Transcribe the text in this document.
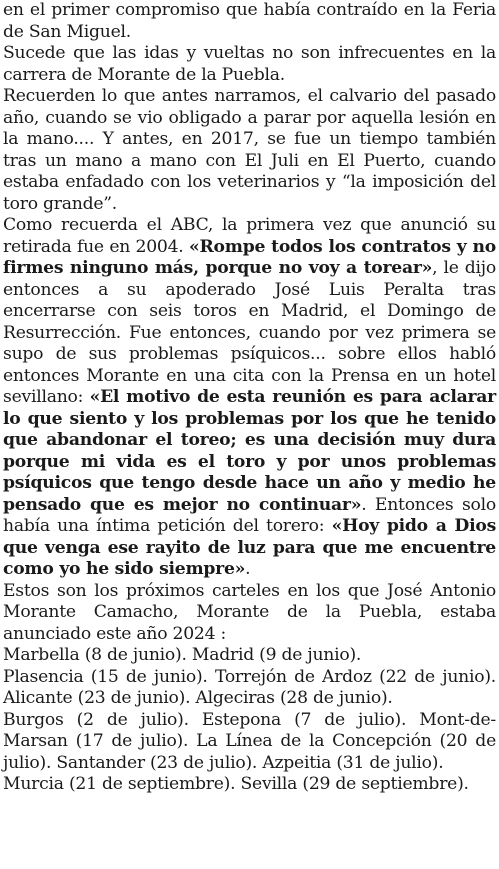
en el primer compromiso que había contraído en la Feria de San Miguel.

Sucede que las idas y vueltas no son infrecuentes en la carrera de Morante de la Puebla.

Recuerden lo que antes narramos, el calvario del pasado año, cuando se vio obligado a parar por aquella lesión en la mano.... Y antes, en 2017, se fue un tiempo también tras un mano a mano con El Juli en El Puerto, cuando estaba enfadado con los veterinarios y “la imposición del toro grande”.

Como recuerda el ABC, la primera vez que anunció su retirada fue en 2004. «Rompe todos los contratos y no firmes ninguno más, porque no voy a torear», le dijo entonces a su apoderado José Luis Peralta tras encerrarse con seis toros en Madrid, el Domingo de Resurrección. Fue entonces, cuando por vez primera se supo de sus problemas psíquicos... sobre ellos habló entonces Morante en una cita con la Prensa en un hotel sevillano: «El motivo de esta reunión es para aclarar lo que siento y los problemas por los que he tenido que abandonar el toreo; es una decisión muy dura porque mi vida es el toro y por unos problemas psíquicos que tengo desde hace un año y medio he pensado que es mejor no continuar». Entonces solo había una íntima petición del torero: «Hoy pido a Dios que venga ese rayito de luz para que me encuentre como yo he sido siempre».

Estos son los próximos carteles en los que José Antonio Morante Camacho, Morante de la Puebla, estaba anunciado este año 2024 :

Marbella (8 de junio). Madrid (9 de junio).

Plasencia (15 de junio). Torrejón de Ardoz (22 de junio). Alicante (23 de junio). Algeciras (28 de junio).

Burgos (2 de julio). Estepona (7 de julio). Mont-de-Marsan (17 de julio). La Línea de la Concepción (20 de julio). Santander (23 de julio). Azpeitia (31 de julio).

Murcia (21 de septiembre). Sevilla (29 de septiembre).
